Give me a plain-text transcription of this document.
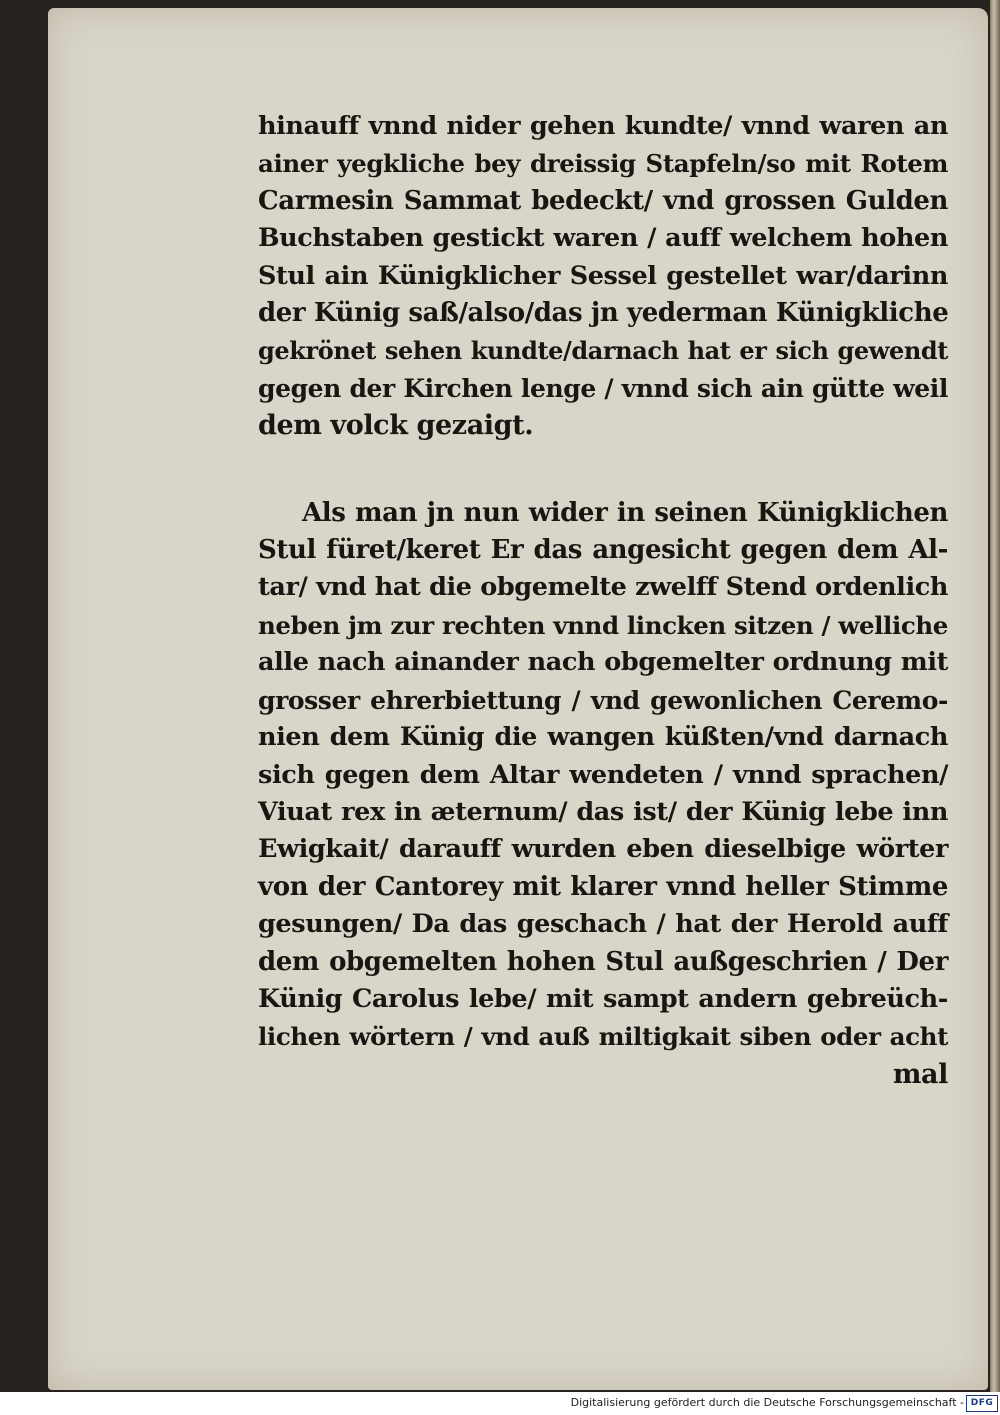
hinauff vnnd nider gehen kundte/ vnnd waren an
ainer yegkliche bey dreissig Stapfeln/so mit Rotem
Carmesin Sammat bedeckt/ vnd grossen Gulden
Buchstaben gestickt waren / auff welchem hohen
Stul ain Künigklicher Sessel gestellet war/darinn
der Künig saß/also/das jn yederman Künigkliche
gekrönet sehen kundte/darnach hat er sich gewendt
gegen der Kirchen lenge / vnnd sich ain gütte weil
dem volck gezaigt.
Als man jn nun wider in seinen Künigklichen
Stul füret/keret Er das angesicht gegen dem Al-
tar/ vnd hat die obgemelte zwelff Stend ordenlich
neben jm zur rechten vnnd lincken sitzen / welliche
alle nach ainander nach obgemelter ordnung mit
grosser ehrerbiettung / vnd gewonlichen Ceremo-
nien dem Künig die wangen küßten/vnd darnach
sich gegen dem Altar wendeten / vnnd sprachen/
Viuat rex in æternum/ das ist/ der Künig lebe inn
Ewigkait/ darauff wurden eben dieselbige wörter
von der Cantorey mit klarer vnnd heller Stimme
gesungen/ Da das geschach / hat der Herold auff
dem obgemelten hohen Stul außgeschrien / Der
Künig Carolus lebe/ mit sampt andern gebreüch-
lichen wörtern / vnd auß miltigkait siben oder acht
mal
Digitalisierung gefördert durch die Deutsche Forschungsgemeinschaft - DFG
